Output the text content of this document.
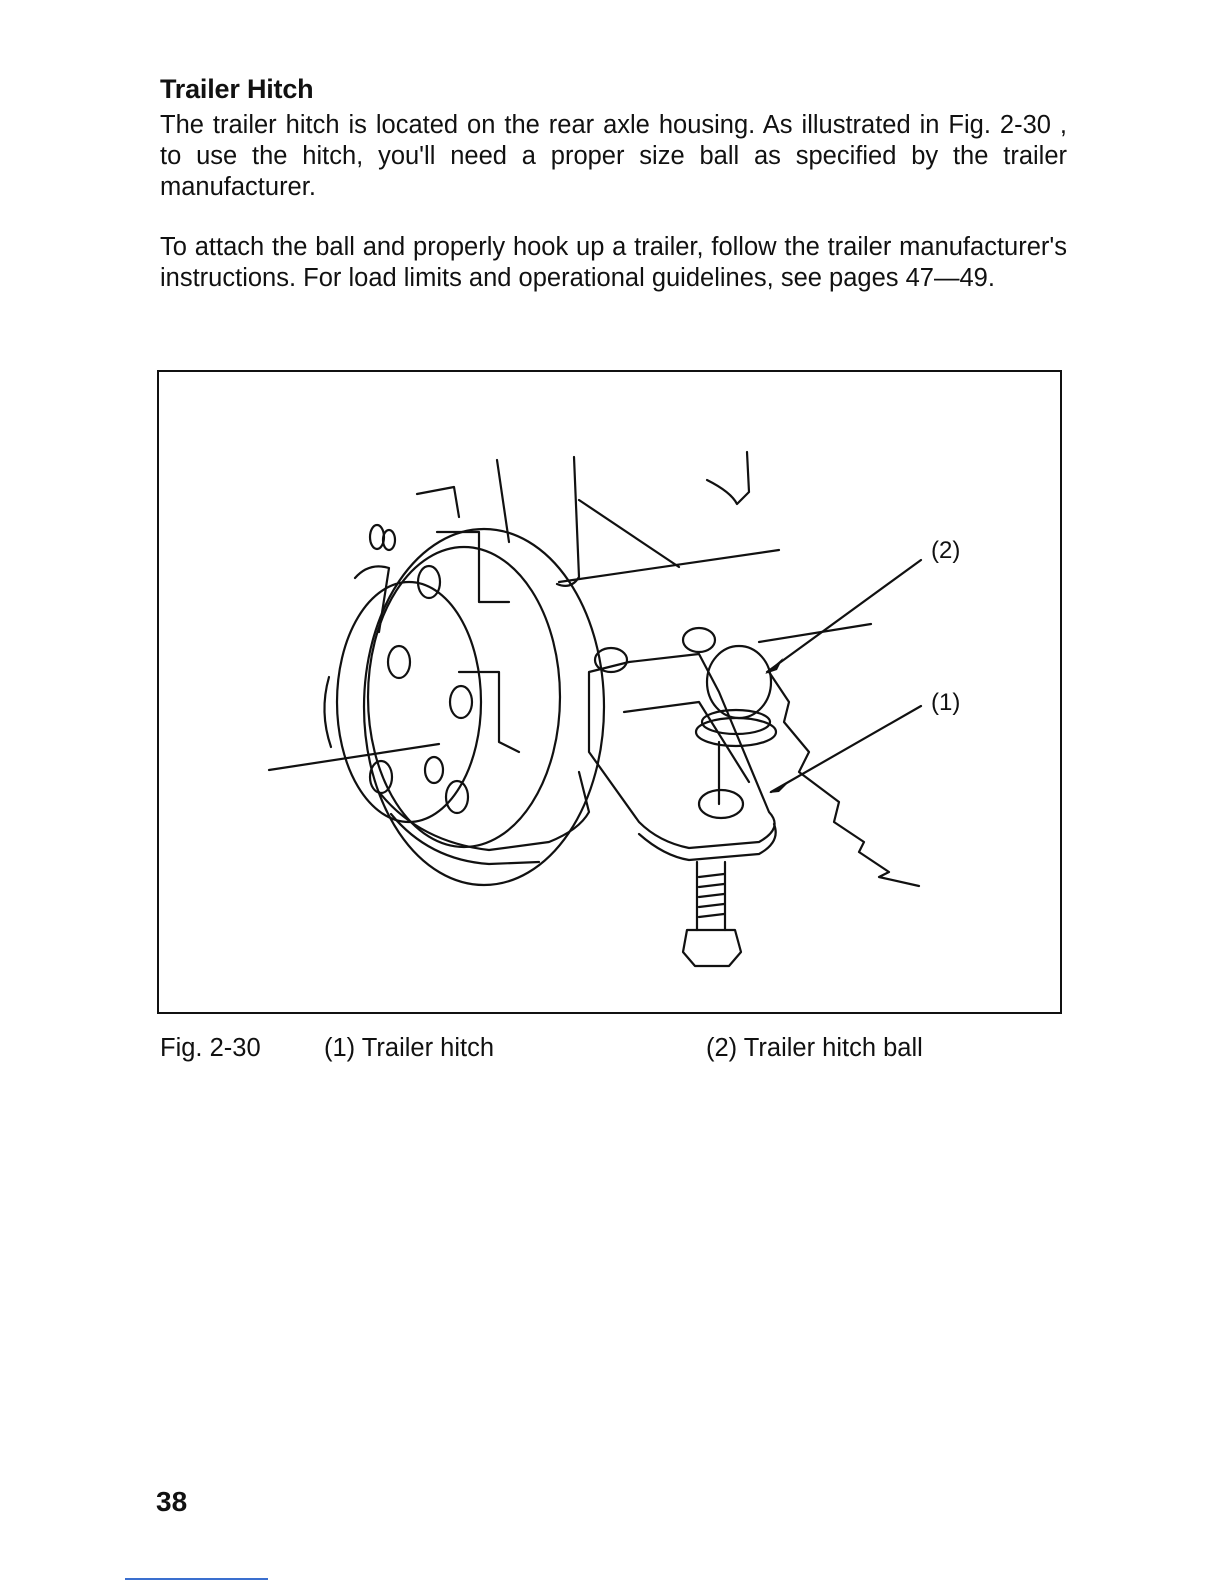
Trailer Hitch

The trailer hitch is located on the rear axle housing. As illustrated in Fig. 2-30 , to use the hitch, you'll need a proper size ball as specified by the trailer manufacturer.

To attach the ball and properly hook up a trailer, follow the trailer manufacturer's instructions. For load limits and operational guidelines, see pages 47—49.

(2)
(1)

Fig. 2-30 (1) Trailer hitch	(2) Trailer hitch ball

38
